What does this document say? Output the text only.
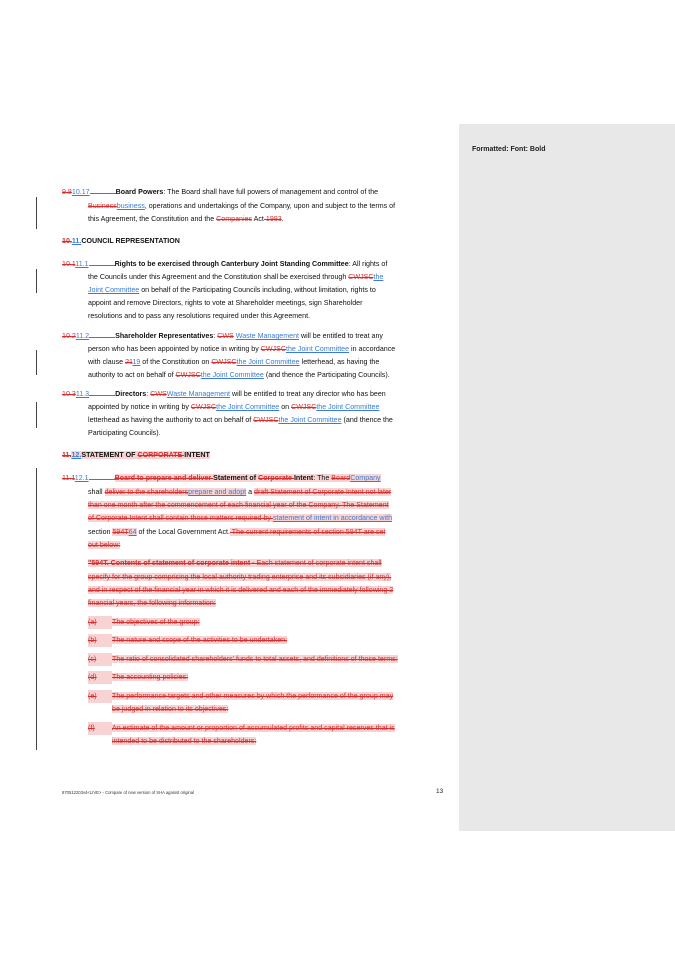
Formatted: Font: Bold
9.810.17	Board Powers: The Board shall have full powers of management and control of the
Businessbusiness, operations and undertakings of the Company, upon and subject to the terms of
this Agreement, the Constitution and the Companies Act 1993.
10.11.COUNCIL REPRESENTATION
10.111.1	Rights to be exercised through Canterbury Joint Standing Committee: All rights of
the Councils under this Agreement and the Constitution shall be exercised through CWJSCthe
Joint Committee on behalf of the Participating Councils including, without limitation, rights to
appoint and remove Directors, rights to vote at Shareholder meetings, sign Shareholder
resolutions and to pass any resolutions required under this Agreement.
10.211.2	Shareholder Representatives: CWS Waste Management will be entitled to treat any
person who has been appointed by notice in writing by CWJSCthe Joint Committee in accordance
with clause 2119 of the Constitution on CWJSCthe Joint Committee letterhead, as having the
authority to act on behalf of CWJSCthe Joint Committee (and thence the Participating Councils).
10.311.3	Directors: CWSWaste Management will be entitled to treat any director who has been
appointed by notice in writing by CWJSCthe Joint Committee on CWJSCthe Joint Committee
letterhead as having the authority to act on behalf of CWJSCthe Joint Committee (and thence the
Participating Councils).
11.12.STATEMENT OF CORPORATE INTENT
11.112.1	Board to prepare and deliver Statement of Corporate Intent: The BoardCompany
shall deliver to the shareholdersprepare and adopt a draft Statement of Corporate Intent not later
than one month after the commencement of each financial year of the Company. The Statement
of Corporate Intent shall contain those matters required by statement of intent in accordance with
section 594T64 of the Local Government Act. The current requirements of section 594T are set
out below:
"594T. Contents of statement of corporate intent - Each statement of corporate intent shall
specify for the group comprising the local authority trading enterprise and its subsidiaries (if any),
and in respect of the financial year in which it is delivered and each of the immediately following 2
financial years, the following information:
(a) The objectives of the group:
(b) The nature and scope of the activities to be undertaken:
(c) The ratio of consolidated shareholders' funds to total assets, and definitions of those terms:
(d) The accounting policies:
(e) The performance targets and other measures by which the performance of the group may
be judged in relation to its objectives:
(f) An estimate of the amount or proportion of accumulated profits and capital reserves that is
intended to be distributed to the shareholders:
870512203v4<LIVE> - Compare of new version of SHA against original	13
